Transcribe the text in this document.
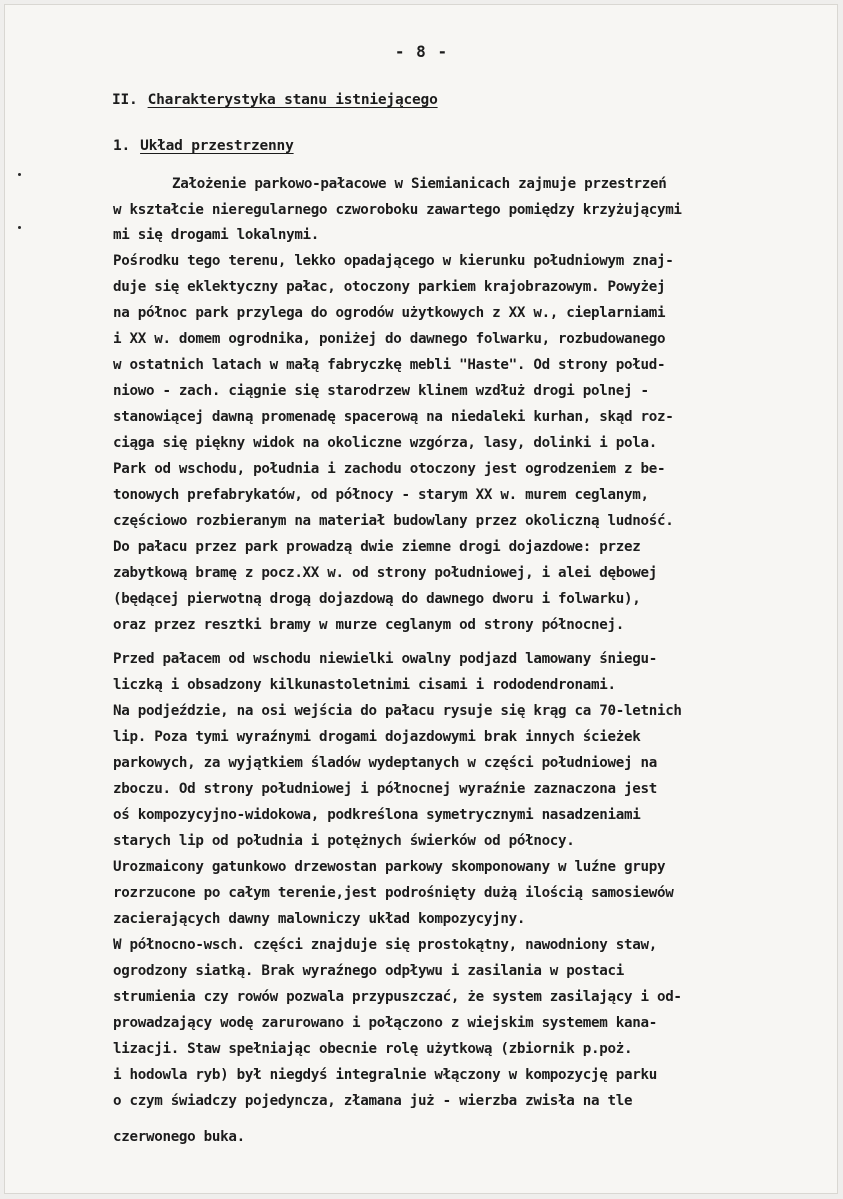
- 8 -
II. Charakterystyka stanu istniejącego
1. Układ przestrzenny
Założenie parkowo-pałacowe w Siemianicach zajmuje przestrzeń
w kształcie nieregularnego czworoboku zawartego pomiędzy krzyżującymi
mi się drogami lokalnymi.
Pośrodku tego terenu, lekko opadającego w kierunku południowym znaj-
duje się eklektyczny pałac, otoczony parkiem krajobrazowym. Powyżej
na północ park przylega do ogrodów użytkowych z XX w., cieplarniami
i XX w. domem ogrodnika, poniżej do dawnego folwarku, rozbudowanego
w ostatnich latach w małą fabryczkę mebli "Haste". Od strony połud-
niowo - zach. ciągnie się starodrzew klinem wzdłuż drogi polnej -
stanowiącej dawną promenadę spacerową na niedaleki kurhan, skąd roz-
ciąga się piękny widok na okoliczne wzgórza, lasy, dolinki i pola.
Park od wschodu, południa i zachodu otoczony jest ogrodzeniem z be-
tonowych prefabrykatów, od północy - starym XX w. murem ceglanym,
częściowo rozbieranym na materiał budowlany przez okoliczną ludność.
Do pałacu przez park prowadzą dwie ziemne drogi dojazdowe: przez
zabytkową bramę z pocz.XX w. od strony południowej, i alei dębowej
(będącej pierwotną drogą dojazdową do dawnego dworu i folwarku),
oraz przez resztki bramy w murze ceglanym od strony północnej.
Przed pałacem od wschodu niewielki owalny podjazd lamowany śniegu-
liczką i obsadzony kilkunastoletnimi cisami i rododendronami.
Na podjeździe, na osi wejścia do pałacu rysuje się krąg ca 70-letnich
lip. Poza tymi wyraźnymi drogami dojazdowymi brak innych ścieżek
parkowych, za wyjątkiem śladów wydeptanych w części południowej na
zboczu. Od strony południowej i północnej wyraźnie zaznaczona jest
oś kompozycyjno-widokowa, podkreślona symetrycznymi nasadzeniami
starych lip od południa i potężnych świerków od północy.
Urozmaicony gatunkowo drzewostan parkowy skomponowany w luźne grupy
rozrzucone po całym terenie,jest podrośnięty dużą ilością samosiewów
zacierających dawny malowniczy układ kompozycyjny.
W północno-wsch. części znajduje się prostokątny, nawodniony staw,
ogrodzony siatką. Brak wyraźnego odpływu i zasilania w postaci
strumienia czy rowów pozwala przypuszczać, że system zasilający i od-
prowadzający wodę zarurowano i połączono z wiejskim systemem kana-
lizacji. Staw spełniając obecnie rolę użytkową (zbiornik p.poż.
i hodowla ryb) był niegdyś integralnie włączony w kompozycję parku
o czym świadczy pojedyncza, złamana już - wierzba zwisła na tle
czerwonego buka.
